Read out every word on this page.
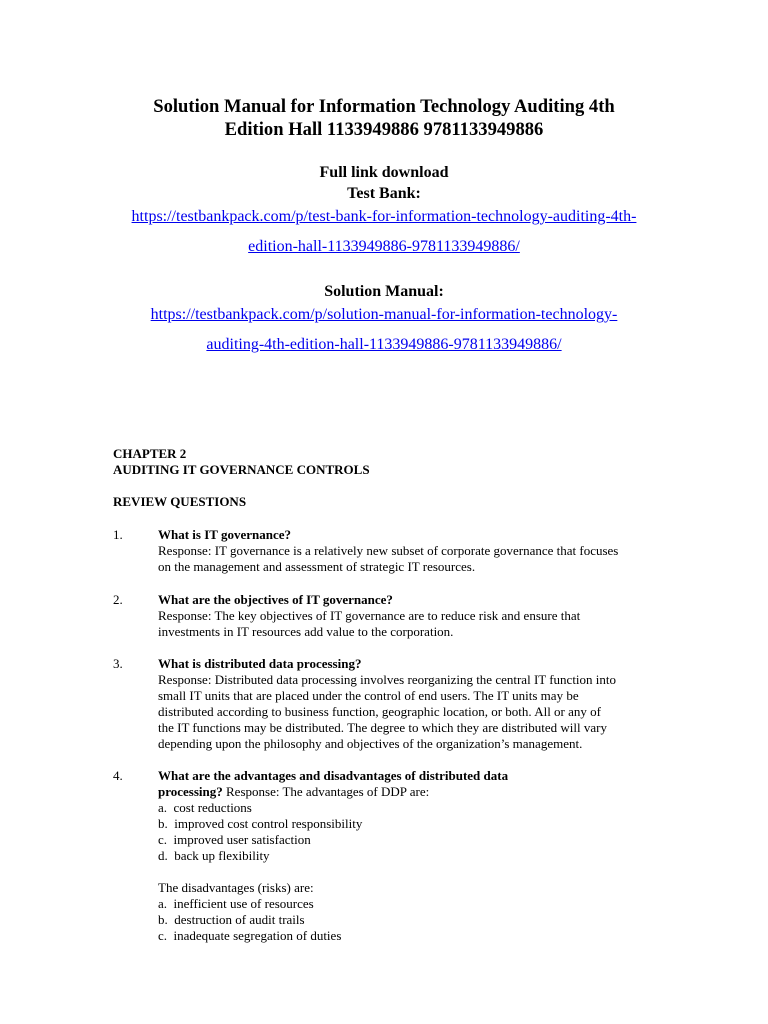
Solution Manual for Information Technology Auditing 4th
Edition Hall 1133949886 9781133949886
Full link download
Test Bank:
https://testbankpack.com/p/test-bank-for-information-technology-auditing-4th-
edition-hall-1133949886-9781133949886/
Solution Manual:
https://testbankpack.com/p/solution-manual-for-information-technology-
auditing-4th-edition-hall-1133949886-9781133949886/
CHAPTER 2
AUDITING IT GOVERNANCE CONTROLS
REVIEW QUESTIONS
1.	What is IT governance?
Response: IT governance is a relatively new subset of corporate governance that focuses
on the management and assessment of strategic IT resources.
2.	What are the objectives of IT governance?
Response: The key objectives of IT governance are to reduce risk and ensure that
investments in IT resources add value to the corporation.
3.	What is distributed data processing?
Response: Distributed data processing involves reorganizing the central IT function into
small IT units that are placed under the control of end users. The IT units may be
distributed according to business function, geographic location, or both. All or any of
the IT functions may be distributed. The degree to which they are distributed will vary
depending upon the philosophy and objectives of the organization’s management.
4.	What are the advantages and disadvantages of distributed data
processing? Response: The advantages of DDP are:
a.  cost reductions
b.  improved cost control responsibility
c.  improved user satisfaction
d.  back up flexibility
The disadvantages (risks) are:
a.  inefficient use of resources
b.  destruction of audit trails
c.  inadequate segregation of duties
